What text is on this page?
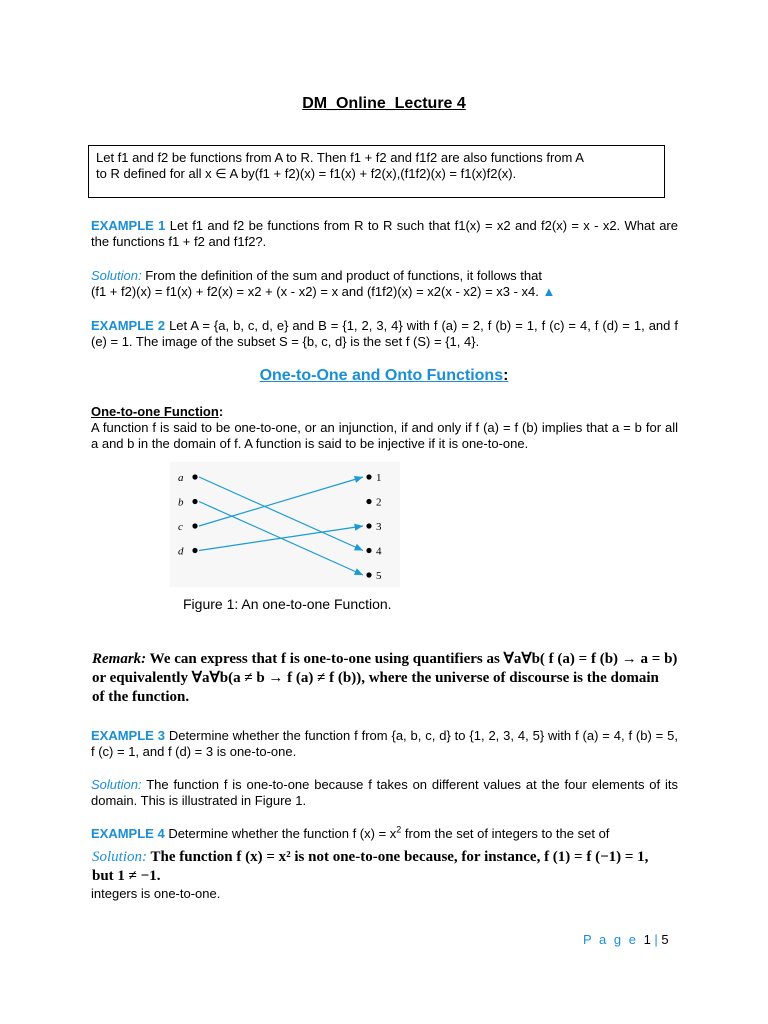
DM_Online_Lecture 4
Let f1 and f2 be functions from A to R. Then f1 + f2 and f1f2 are also functions from A
to R defined for all x ∈ A by(f1 + f2)(x) = f1(x) + f2(x),(f1f2)(x) = f1(x)f2(x).
EXAMPLE 1 Let f1 and f2 be functions from R to R such that f1(x) = x2 and f2(x) = x - x2. What are the functions f1 + f2 and f1f2?.
Solution: From the definition of the sum and product of functions, it follows that
(f1 + f2)(x) = f1(x) + f2(x) = x2 + (x - x2) = x and (f1f2)(x) = x2(x - x2) = x3 - x4. ▲
EXAMPLE 2 Let A = {a, b, c, d, e} and B = {1, 2, 3, 4} with f (a) = 2, f (b) = 1, f (c) = 4, f (d) = 1, and f (e) = 1. The image of the subset S = {b, c, d} is the set f (S) = {1, 4}.
One-to-One and Onto Functions:
One-to-one Function:
A function f is said to be one-to-one, or an injunction, if and only if f (a) = f (b) implies that a = b for all a and b in the domain of f. A function is said to be injective if it is one-to-one.
a
b
c
d
1
2
3
4
5
Figure 1: An one-to-one Function.
Remark: We can express that f is one-to-one using quantifiers as ∀a∀b( f (a) = f (b) → a = b)
or equivalently ∀a∀b(a ≠ b → f (a) ≠ f (b)), where the universe of discourse is the domain
of the function.
EXAMPLE 3 Determine whether the function f from {a, b, c, d} to {1, 2, 3, 4, 5} with f (a) = 4, f (b) = 5, f (c) = 1, and f (d) = 3 is one-to-one.
Solution: The function f is one-to-one because f takes on different values at the four elements of its domain. This is illustrated in Figure 1.
EXAMPLE 4 Determine whether the function f $(x) = x^2$ from the set of integers to the set of
Solution: The function f (x) = x² is not one-to-one because, for instance, f (1) = f (−1) = 1,
but 1 ≠ −1.
integers is one-to-one.
P a g e 1 | 5
